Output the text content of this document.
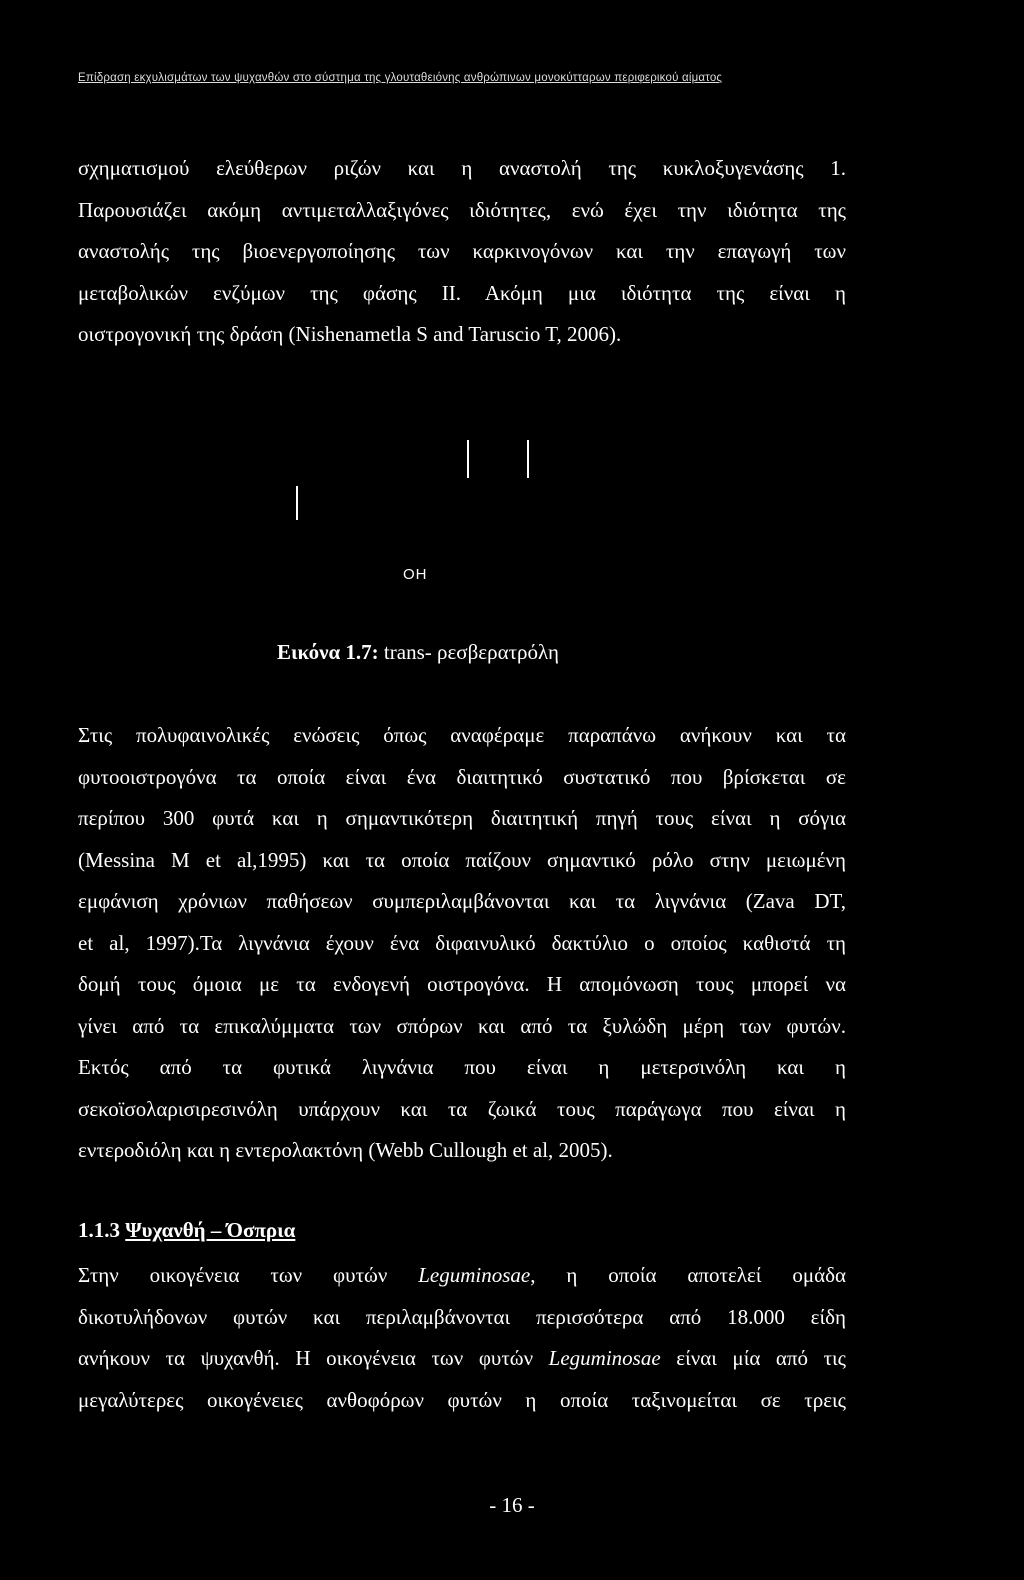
Επίδραση εκχυλισμάτων των ψυχανθών στο σύστημα της γλουταθειόνης ανθρώπινων μονοκύτταρων περιφερικού αίματος
σχηματισμού ελεύθερων ριζών και η αναστολή της κυκλοξυγενάσης 1.
Παρουσιάζει ακόμη αντιμεταλλαξιγόνες ιδιότητες, ενώ έχει την ιδιότητα της
αναστολής της βιοενεργοποίησης των καρκινογόνων και την επαγωγή των
μεταβολικών ενζύμων της φάσης ΙΙ. Ακόμη μια ιδιότητα της είναι η
οιστρογονική της δράση (Nishenametla S and Taruscio T, 2006).
OH
Εικόνα 1.7: trans- ρεσβερατρόλη
Στις πολυφαινολικές ενώσεις όπως αναφέραμε παραπάνω ανήκουν και τα
φυτοοιστρογόνα τα οποία είναι ένα διαιτητικό συστατικό που βρίσκεται σε
περίπου 300 φυτά και η σημαντικότερη διαιτητική πηγή τους είναι η σόγια
(Messina M et al,1995) και τα οποία παίζουν σημαντικό ρόλο στην μειωμένη
εμφάνιση χρόνιων παθήσεων συμπεριλαμβάνονται και τα λιγνάνια (Zava DT,
et al, 1997).Τα λιγνάνια έχουν ένα διφαινυλικό δακτύλιο ο οποίος καθιστά τη
δομή τους όμοια με τα ενδογενή οιστρογόνα. Η απομόνωση τους μπορεί να
γίνει από τα επικαλύμματα των σπόρων και από τα ξυλώδη μέρη των φυτών.
Εκτός από τα φυτικά λιγνάνια που είναι η μετερσινόλη και η
σεκοϊσολαρισιρεσινόλη υπάρχουν και τα ζωικά τους παράγωγα που είναι η
εντεροδιόλη και η εντερολακτόνη (Webb Cullough et al, 2005).
1.1.3 Ψυχανθή – Όσπρια
Στην οικογένεια των φυτών Leguminosae, η οποία αποτελεί ομάδα
δικοτυλήδονων φυτών και περιλαμβάνονται περισσότερα από 18.000 είδη
ανήκουν τα ψυχανθή. Η οικογένεια των φυτών Leguminosae είναι μία από τις
μεγαλύτερες οικογένειες ανθοφόρων φυτών η οποία ταξινομείται σε τρεις
- 16 -
